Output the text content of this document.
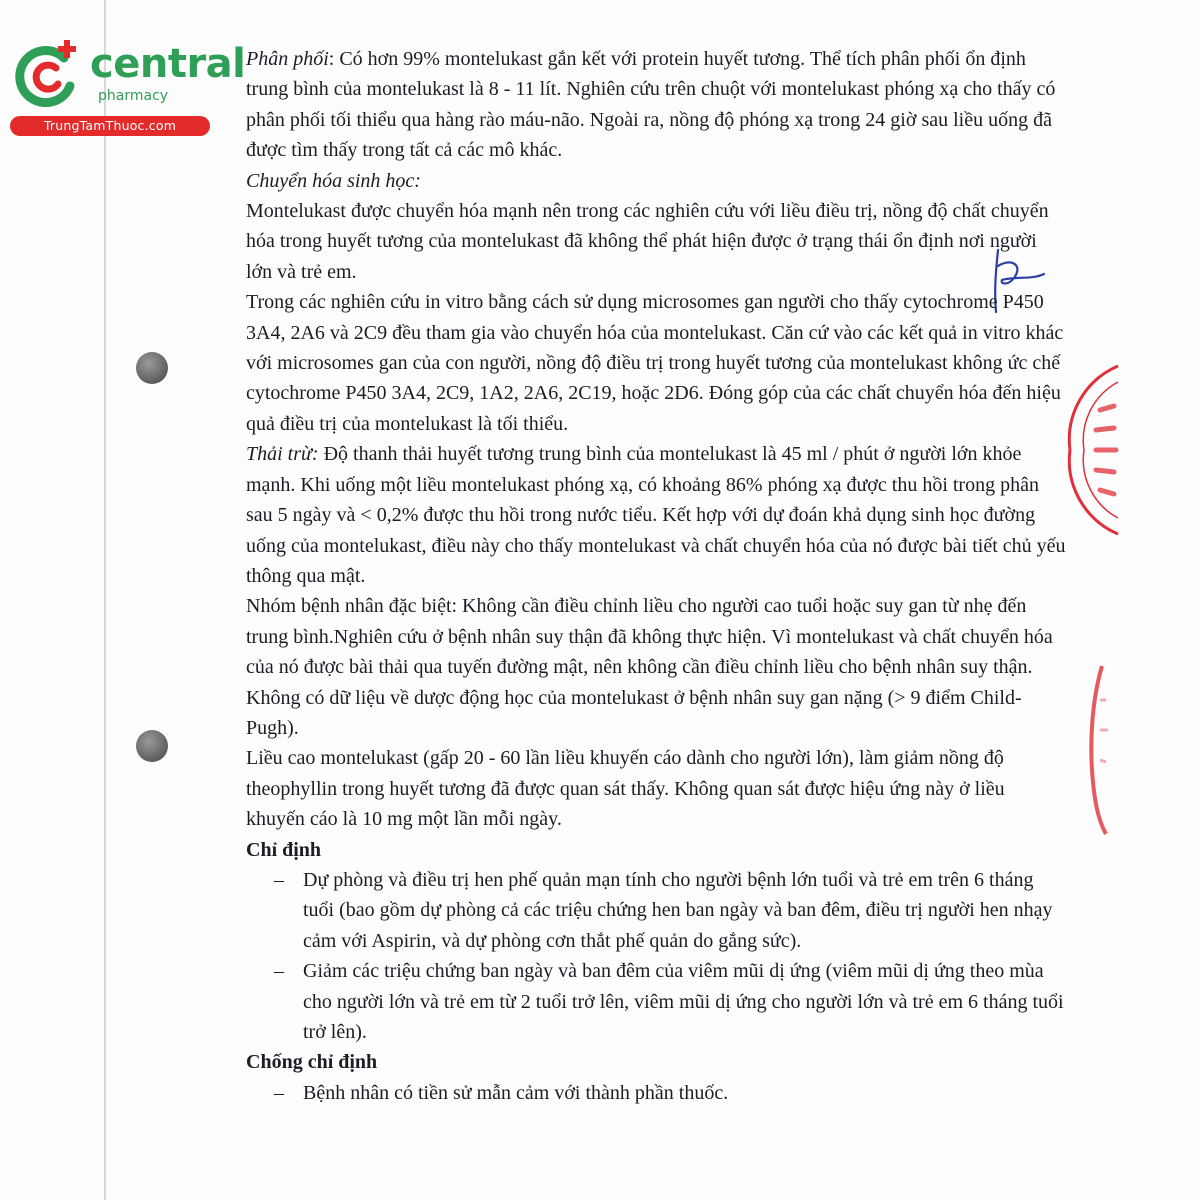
central
pharmacy
TrungTamThuoc.com

Phân phối: Có hơn 99% montelukast gắn kết với protein huyết tương. Thể tích phân phối ổn định trung bình của montelukast là 8 - 11 lít. Nghiên cứu trên chuột với montelukast phóng xạ cho thấy có phân phối tối thiểu qua hàng rào máu-não. Ngoài ra, nồng độ phóng xạ trong 24 giờ sau liều uống đã được tìm thấy trong tất cả các mô khác.

Chuyển hóa sinh học:

Montelukast được chuyển hóa mạnh nên trong các nghiên cứu với liều điều trị, nồng độ chất chuyển hóa trong huyết tương của montelukast đã không thể phát hiện được ở trạng thái ổn định nơi người lớn và trẻ em.

Trong các nghiên cứu in vitro bằng cách sử dụng microsomes gan người cho thấy cytochrome P450 3A4, 2A6 và 2C9 đều tham gia vào chuyển hóa của montelukast. Căn cứ vào các kết quả in vitro khác với microsomes gan của con người, nồng độ điều trị trong huyết tương của montelukast không ức chế cytochrome P450 3A4, 2C9, 1A2, 2A6, 2C19, hoặc 2D6. Đóng góp của các chất chuyển hóa đến hiệu quả điều trị của montelukast là tối thiểu.

Thải trừ: Độ thanh thải huyết tương trung bình của montelukast là 45 ml / phút ở người lớn khỏe mạnh. Khi uống một liều montelukast phóng xạ, có khoảng 86% phóng xạ được thu hồi trong phân sau 5 ngày và < 0,2% được thu hồi trong nước tiểu. Kết hợp với dự đoán khả dụng sinh học đường uống của montelukast, điều này cho thấy montelukast và chất chuyển hóa của nó được bài tiết chủ yếu thông qua mật.

Nhóm bệnh nhân đặc biệt: Không cần điều chỉnh liều cho người cao tuổi hoặc suy gan từ nhẹ đến trung bình.Nghiên cứu ở bệnh nhân suy thận đã không thực hiện. Vì montelukast và chất chuyển hóa của nó được bài thải qua tuyến đường mật, nên không cần điều chỉnh liều cho bệnh nhân suy thận. Không có dữ liệu về dược động học của montelukast ở bệnh nhân suy gan nặng (> 9 điểm Child-Pugh).

Liều cao montelukast (gấp 20 - 60 lần liều khuyến cáo dành cho người lớn), làm giảm nồng độ theophyllin trong huyết tương đã được quan sát thấy. Không quan sát được hiệu ứng này ở liều khuyến cáo là 10 mg một lần mỗi ngày.

Chỉ định

– Dự phòng và điều trị hen phế quản mạn tính cho người bệnh lớn tuổi và trẻ em trên 6 tháng tuổi (bao gồm dự phòng cả các triệu chứng hen ban ngày và ban đêm, điều trị người hen nhạy cảm với Aspirin, và dự phòng cơn thắt phế quản do gắng sức).

– Giảm các triệu chứng ban ngày và ban đêm của viêm mũi dị ứng (viêm mũi dị ứng theo mùa cho người lớn và trẻ em từ 2 tuổi trở lên, viêm mũi dị ứng cho người lớn và trẻ em 6 tháng tuổi trở lên).

Chống chỉ định

– Bệnh nhân có tiền sử mẫn cảm với thành phần thuốc.
